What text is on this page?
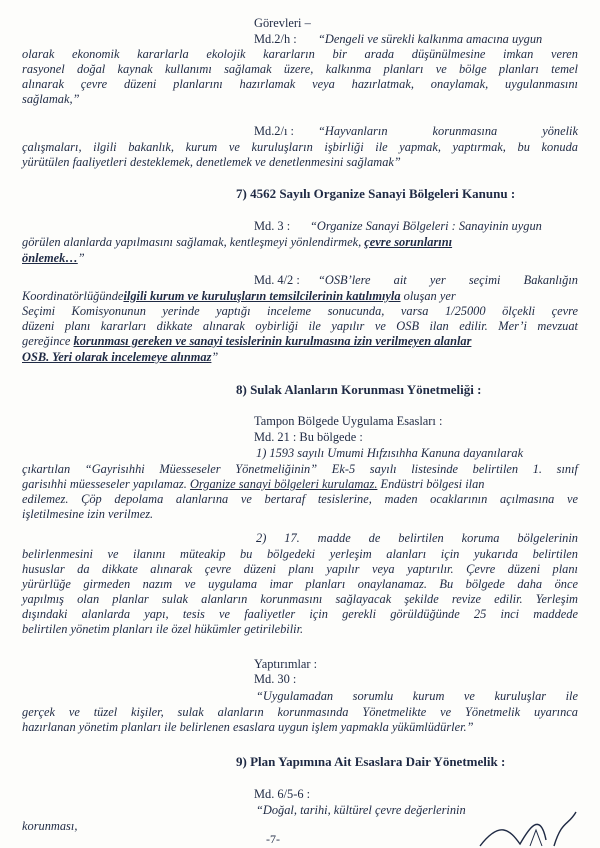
Görevleri –
Md.2/h : “Dengeli ve sürekli kalkınma amacına uygun
olarak ekonomik kararlarla ekolojik kararların bir arada düşünülmesine imkan veren
rasyonel doğal kaynak kullanımı sağlamak üzere, kalkınma planları ve bölge planları temel
alınarak çevre düzeni planlarını hazırlamak veya hazırlatmak, onaylamak, uygulanmasını
sağlamak,”
Md.2/ı : “Hayvanların korunmasına yönelik
çalışmaları, ilgili bakanlık, kurum ve kuruluşların işbirliği ile yapmak, yaptırmak, bu konuda
yürütülen faaliyetleri desteklemek, denetlemek ve denetlenmesini sağlamak”
7) 4562 Sayılı Organize Sanayi Bölgeleri Kanunu :
Md. 3 : “Organize Sanayi Bölgeleri : Sanayinin uygun
görülen alanlarda yapılmasını sağlamak, kentleşmeyi yönlendirmek, çevre sorunlarını
önlemek…”
Md. 4/2 : “OSB’lere ait yer seçimi Bakanlığın
Koordinatörlüğündeilgili kurum ve kuruluşların temsilcilerinin katılımıyla oluşan yer
Seçimi Komisyonunun yerinde yaptığı inceleme sonucunda, varsa 1/25000 ölçekli çevre
düzeni planı kararları dikkate alınarak oybirliği ile yapılır ve OSB ilan edilir. Mer’i mevzuat
gereğince korunması gereken ve sanayi tesislerinin kurulmasına izin verilmeyen alanlar
OSB. Yeri olarak incelemeye alınmaz”
8) Sulak Alanların Korunması Yönetmeliği :
Tampon Bölgede Uygulama Esasları :
Md. 21 : Bu bölgede :
1) 1593 sayılı Umumi Hıfzısıhha Kanuna dayanılarak
çıkartılan “Gayrisıhhi Müesseseler Yönetmeliğinin” Ek-5 sayılı listesinde belirtilen 1. sınıf
garisıhhi müesseseler yapılamaz. Organize sanayi bölgeleri kurulamaz. Endüstri bölgesi ilan
edilemez. Çöp depolama alanlarına ve bertaraf tesislerine, maden ocaklarının açılmasına ve
işletilmesine izin verilmez.
2) 17. madde de belirtilen koruma bölgelerinin
belirlenmesini ve ilanını müteakip bu bölgedeki yerleşim alanları için yukarıda belirtilen
hususlar da dikkate alınarak çevre düzeni planı yapılır veya yaptırılır. Çevre düzeni planı
yürürlüğe girmeden nazım ve uygulama imar planları onaylanamaz. Bu bölgede daha önce
yapılmış olan planlar sulak alanların korunmasını sağlayacak şekilde revize edilir. Yerleşim
dışındaki alanlarda yapı, tesis ve faaliyetler için gerekli görüldüğünde 25 inci maddede
belirtilen yönetim planları ile özel hükümler getirilebilir.
Yaptırımlar :
Md. 30 :
“Uygulamadan sorumlu kurum ve kuruluşlar ile
gerçek ve tüzel kişiler, sulak alanların korunmasında Yönetmelikte ve Yönetmelik uyarınca
hazırlanan yönetim planları ile belirlenen esaslara uygun işlem yapmakla yükümlüdürler.”
9) Plan Yapımına Ait Esaslara Dair Yönetmelik :
Md. 6/5-6 :
“Doğal, tarihi, kültürel çevre değerlerinin
korunması,
-7-
